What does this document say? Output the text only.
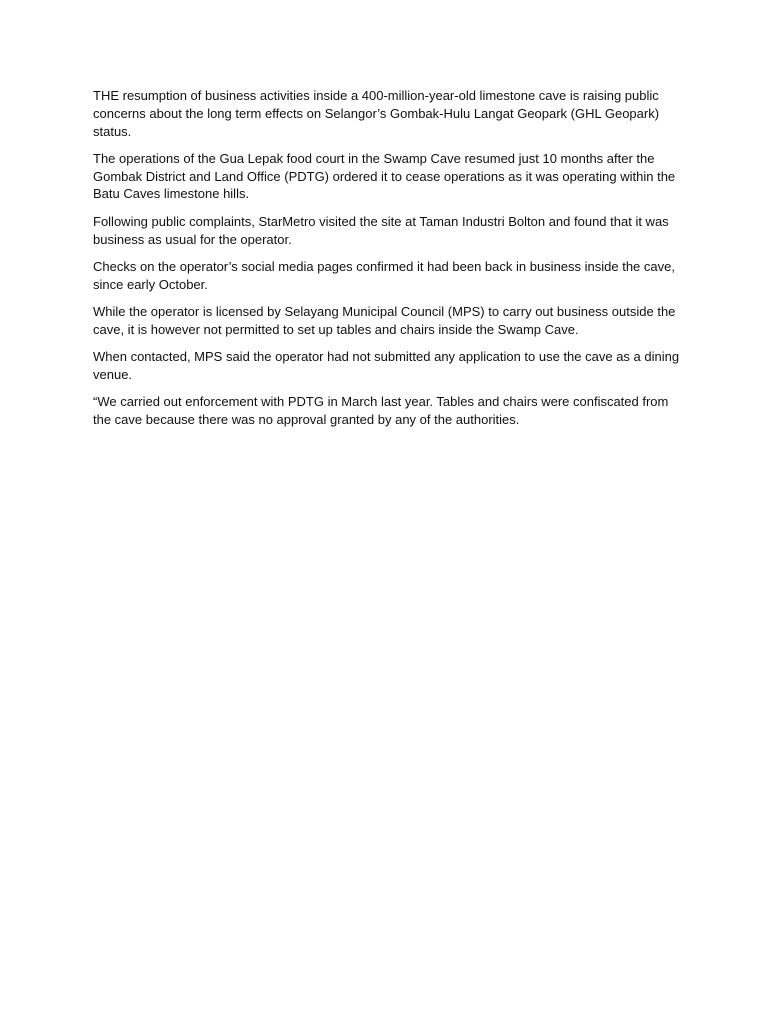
THE resumption of business activities inside a 400-million-year-old limestone cave is raising public concerns about the long term effects on Selangor’s Gombak-Hulu Langat Geopark (GHL Geopark) status.

The operations of the Gua Lepak food court in the Swamp Cave resumed just 10 months after the Gombak District and Land Office (PDTG) ordered it to cease operations as it was operating within the Batu Caves limestone hills.

Following public complaints, StarMetro visited the site at Taman Industri Bolton and found that it was business as usual for the operator.

Checks on the operator’s social media pages confirmed it had been back in business inside the cave, since early October.

While the operator is licensed by Selayang Municipal Council (MPS) to carry out business outside the cave, it is however not permitted to set up tables and chairs inside the Swamp Cave.

When contacted, MPS said the operator had not submitted any application to use the cave as a dining venue.

“We carried out enforcement with PDTG in March last year. Tables and chairs were confiscated from the cave because there was no approval granted by any of the authorities.
